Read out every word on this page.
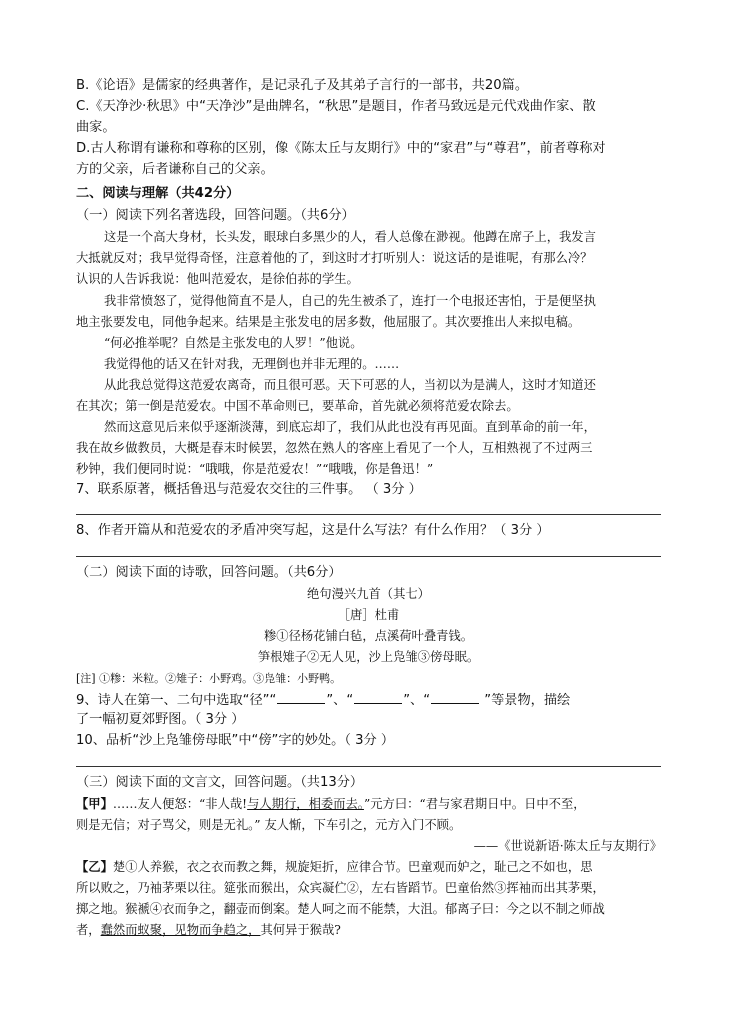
B.《论语》是儒家的经典著作，是记录孔子及其弟子言行的一部书，共20篇。
C.《天净沙·秋思》中“天净沙”是曲牌名，“秋思”是题目，作者马致远是元代戏曲作家、散
曲家。
D.古人称谓有谦称和尊称的区别，像《陈太丘与友期行》中的“家君”与“尊君”，前者尊称对
方的父亲，后者谦称自己的父亲。
二、阅读与理解（共42分）
（一）阅读下列名著选段，回答问题。（共6分）
这是一个高大身材，长头发，眼球白多黑少的人，看人总像在渺视。他蹲在席子上，我发言
大抵就反对；我早觉得奇怪，注意着他的了，到这时才打听别人：说这话的是谁呢，有那么冷？
认识的人告诉我说：他叫范爱农，是徐伯荪的学生。
我非常愤怒了，觉得他简直不是人，自己的先生被杀了，连打一个电报还害怕，于是便坚执
地主张要发电，同他争起来。结果是主张发电的居多数，他屈服了。其次要推出人来拟电稿。
“何必推举呢？自然是主张发电的人罗！”他说。
我觉得他的话又在针对我，无理倒也并非无理的。……
从此我总觉得这范爱农离奇，而且很可恶。天下可恶的人，当初以为是满人，这时才知道还
在其次；第一倒是范爱农。中国不革命则已，要革命，首先就必须将范爱农除去。
然而这意见后来似乎逐渐淡薄，到底忘却了，我们从此也没有再见面。直到革命的前一年，
我在故乡做教员，大概是春末时候罢，忽然在熟人的客座上看见了一个人，互相熟视了不过两三
秒钟，我们便同时说：“哦哦，你是范爱农！”“哦哦，你是鲁迅！”
7、联系原著，概括鲁迅与范爱农交往的三件事。 （ 3分 ）
8、作者开篇从和范爱农的矛盾冲突写起，这是什么写法？有什么作用？（ 3分 ）
（二）阅读下面的诗歌，回答问题。（共6分）
绝句漫兴九首（其七）
［唐］杜甫
糁①径杨花铺白毡，点溪荷叶叠青钱。
笋根雉子②无人见，沙上凫雏③傍母眠。
[注] ①糁：米粒。②雉子：小野鸡。③凫雏：小野鸭。
9、诗人在第一、二句中选取“径”“	”、“	”、“	”等景物，描绘
了一幅初夏郊野图。（ 3分 ）
10、品析“沙上凫雏傍母眠”中“傍”字的妙处。（ 3分 ）
（三）阅读下面的文言文，回答问题。（共13分）
【甲】……友人便怒：“非人哉!与人期行，相委而去。”元方曰：“君与家君期日中。日中不至，
则是无信；对子骂父，则是无礼。” 友人惭，下车引之，元方入门不顾。
——《世说新语·陈太丘与友期行》
【乙】楚①人养猴，衣之衣而教之舞，规旋矩折，应律合节。巴童观而妒之，耻己之不如也，思
所以败之，乃袖茅栗以往。筵张而猴出，众宾凝伫②，左右皆蹈节。巴童佁然③挥袖而出其茅栗，
掷之地。猴褫④衣而争之，翻壶而倒案。楚人呵之而不能禁，大沮。郁离子曰：今之以不制之师战
者，蠢然而蚁聚，见物而争趋之，其何异于猴哉?
